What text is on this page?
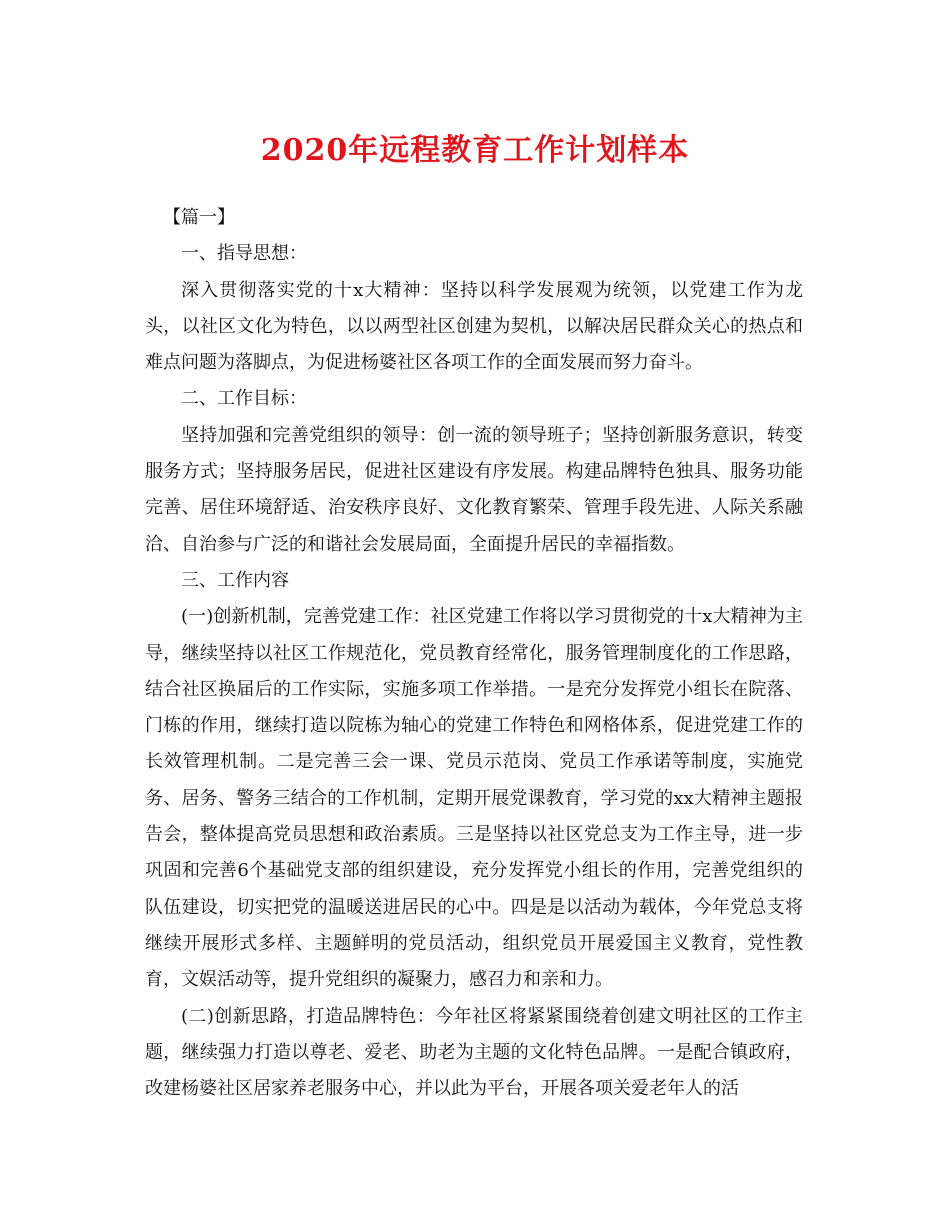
2020年远程教育工作计划样本

【篇一】

一、指导思想：

深入贯彻落实党的十x大精神：坚持以科学发展观为统领，以党建工作为龙头，以社区文化为特色，以以两型社区创建为契机，以解决居民群众关心的热点和难点问题为落脚点，为促进杨婆社区各项工作的全面发展而努力奋斗。

二、工作目标：

坚持加强和完善党组织的领导：创一流的领导班子；坚持创新服务意识，转变服务方式；坚持服务居民，促进社区建设有序发展。构建品牌特色独具、服务功能完善、居住环境舒适、治安秩序良好、文化教育繁荣、管理手段先进、人际关系融洽、自治参与广泛的和谐社会发展局面，全面提升居民的幸福指数。

三、工作内容

(一)创新机制，完善党建工作：社区党建工作将以学习贯彻党的十x大精神为主导，继续坚持以社区工作规范化，党员教育经常化，服务管理制度化的工作思路，结合社区换届后的工作实际，实施多项工作举措。一是充分发挥党小组长在院落、门栋的作用，继续打造以院栋为轴心的党建工作特色和网格体系，促进党建工作的长效管理机制。二是完善三会一课、党员示范岗、党员工作承诺等制度，实施党务、居务、警务三结合的工作机制，定期开展党课教育，学习党的xx大精神主题报告会，整体提高党员思想和政治素质。三是坚持以社区党总支为工作主导，进一步巩固和完善6个基础党支部的组织建设，充分发挥党小组长的作用，完善党组织的队伍建设，切实把党的温暖送进居民的心中。四是是以活动为载体，今年党总支将继续开展形式多样、主题鲜明的党员活动，组织党员开展爱国主义教育，党性教育，文娱活动等，提升党组织的凝聚力，感召力和亲和力。

(二)创新思路，打造品牌特色：今年社区将紧紧围绕着创建文明社区的工作主题，继续强力打造以尊老、爱老、助老为主题的文化特色品牌。一是配合镇政府，改建杨婆社区居家养老服务中心，并以此为平台，开展各项关爱老年人的活
